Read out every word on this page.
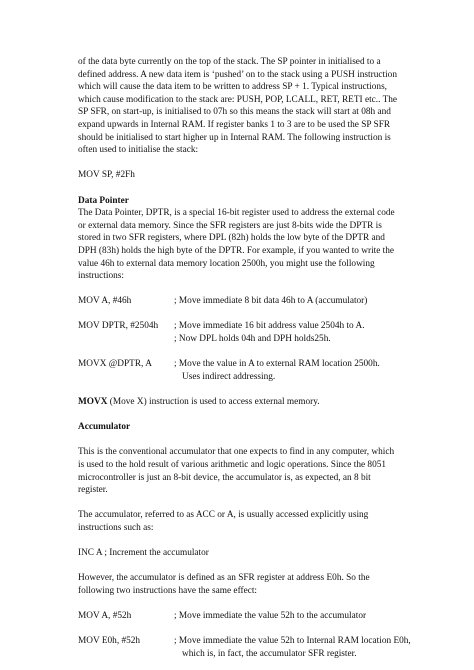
of the data byte currently on the top of the stack. The SP pointer in initialised to a
defined address. A new data item is ‘pushed’ on to the stack using a PUSH instruction
which will cause the data item to be written to address SP + 1. Typical instructions,
which cause modification to the stack are: PUSH, POP, LCALL, RET, RETI etc.. The
SP SFR, on start-up, is initialised to 07h so this means the stack will start at 08h and
expand upwards in Internal RAM. If register banks 1 to 3 are to be used the SP SFR
should be initialised to start higher up in Internal RAM. The following instruction is
often used to initialise the stack:

MOV SP, #2Fh

Data Pointer

The Data Pointer, DPTR, is a special 16-bit register used to address the external code
or external data memory. Since the SFR registers are just 8-bits wide the DPTR is
stored in two SFR registers, where DPL (82h) holds the low byte of the DPTR and
DPH (83h) holds the high byte of the DPTR. For example, if you wanted to write the
value 46h to external data memory location 2500h, you might use the following
instructions:

MOV A, #46h	; Move immediate 8 bit data 46h to A (accumulator)
MOV DPTR, #2504h	; Move immediate 16 bit address value 2504h to A.
; Now DPL holds 04h and DPH holds25h.
MOVX @DPTR, A	; Move the value in A to external RAM location 2500h.
Uses indirect addressing.

MOVX (Move X) instruction is used to access external memory.

Accumulator

This is the conventional accumulator that one expects to find in any computer, which
is used to the hold result of various arithmetic and logic operations. Since the 8051
microcontroller is just an 8-bit device, the accumulator is, as expected, an 8 bit
register.

The accumulator, referred to as ACC or A, is usually accessed explicitly using
instructions such as:

INC A ; Increment the accumulator

However, the accumulator is defined as an SFR register at address E0h. So the
following two instructions have the same effect:

MOV A, #52h	; Move immediate the value 52h to the accumulator
MOV E0h, #52h	; Move immediate the value 52h to Internal RAM location E0h,
which is, in fact, the accumulator SFR register.
